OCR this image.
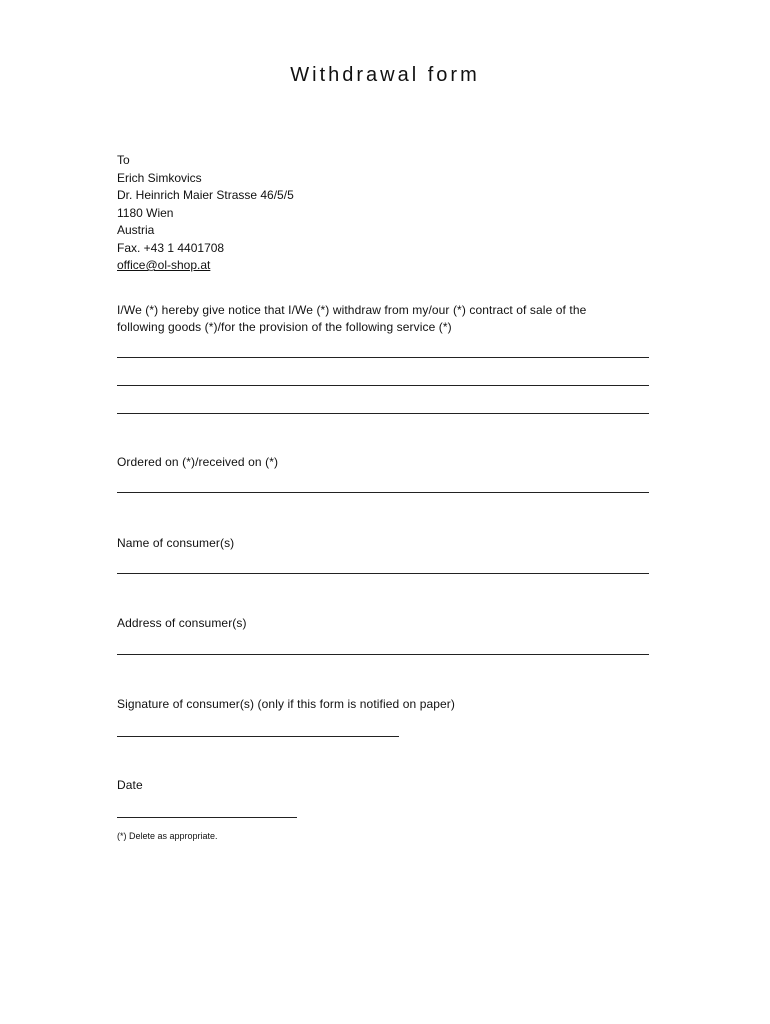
Withdrawal form
To
Erich Simkovics
Dr. Heinrich Maier Strasse 46/5/5
1180 Wien
Austria
Fax. +43 1 4401708
office@ol-shop.at
I/We (*) hereby give notice that I/We (*) withdraw from my/our (*) contract of sale of the
following goods (*)/for the provision of the following service (*)
Ordered on (*)/received on (*)
Name of consumer(s)
Address of consumer(s)
Signature of consumer(s) (only if this form is notified on paper)
Date
(*) Delete as appropriate.
